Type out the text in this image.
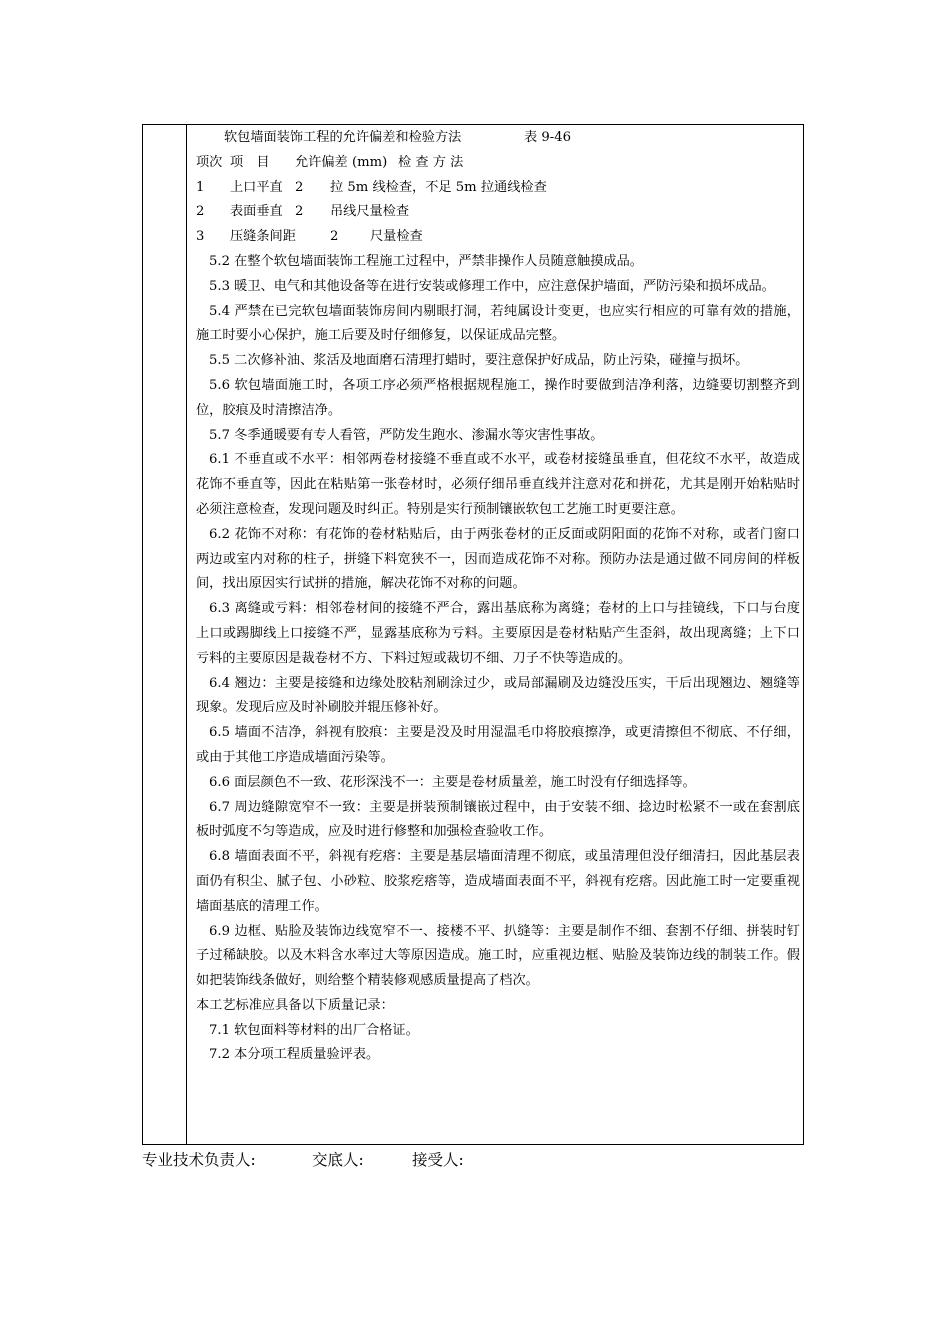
软包墙面装饰工程的允许偏差和检验方法	表 9-46
项次 项　目 允许偏差 (mm) 检 查 方 法
1 上口平直 2 拉 5m 线检查，不足 5m 拉通线检查
2 表面垂直 2 吊线尺量检查
3 压缝条间距	2 尺量检查

5.2 在整个软包墙面装饰工程施工过程中，严禁非操作人员随意触摸成品。

5.3 暖卫、电气和其他设备等在进行安装或修理工作中，应注意保护墙面，严防污染和损坏成品。

5.4 严禁在已完软包墙面装饰房间内剔眼打洞，若纯属设计变更，也应实行相应的可靠有效的措施，施工时要小心保护，施工后要及时仔细修复，以保证成品完整。

5.5 二次修补油、浆活及地面磨石清理打蜡时，要注意保护好成品，防止污染，碰撞与损坏。

5.6 软包墙面施工时，各项工序必须严格根据规程施工，操作时要做到洁净利落，边缝要切割整齐到位，胶痕及时清擦洁净。

5.7 冬季通暖要有专人看管，严防发生跑水、渗漏水等灾害性事故。

6.1 不垂直或不水平：相邻两卷材接缝不垂直或不水平，或卷材接缝虽垂直，但花纹不水平，故造成花饰不垂直等，因此在粘贴第一张卷材时，必须仔细吊垂直线并注意对花和拼花，尤其是刚开始粘贴时必须注意检查，发现问题及时纠正。特别是实行预制镶嵌软包工艺施工时更要注意。

6.2 花饰不对称：有花饰的卷材粘贴后，由于两张卷材的正反面或阴阳面的花饰不对称，或者门窗口两边或室内对称的柱子，拼缝下料宽狭不一，因而造成花饰不对称。预防办法是通过做不同房间的样板间，找出原因实行试拼的措施，解决花饰不对称的问题。

6.3 离缝或亏料：相邻卷材间的接缝不严合，露出基底称为离缝；卷材的上口与挂镜线，下口与台度上口或踢脚线上口接缝不严，显露基底称为亏料。主要原因是卷材粘贴产生歪斜，故出现离缝；上下口亏料的主要原因是裁卷材不方、下料过短或裁切不细、刀子不快等造成的。

6.4 翘边：主要是接缝和边缘处胶粘剂刷涂过少，或局部漏刷及边缝没压实，干后出现翘边、翘缝等现象。发现后应及时补刷胶并辊压修补好。

6.5 墙面不洁净，斜视有胶痕：主要是没及时用湿温毛巾将胶痕擦净，或更清擦但不彻底、不仔细，或由于其他工序造成墙面污染等。

6.6 面层颜色不一致、花形深浅不一：主要是卷材质量差，施工时没有仔细选择等。

6.7 周边缝隙宽窄不一致：主要是拼装预制镶嵌过程中，由于安装不细、捻边时松紧不一或在套割底板时弧度不匀等造成，应及时进行修整和加强检查验收工作。

6.8 墙面表面不平，斜视有疙瘩：主要是基层墙面清理不彻底，或虽清理但没仔细清扫，因此基层表面仍有积尘、腻子包、小砂粒、胶浆疙瘩等，造成墙面表面不平，斜视有疙瘩。因此施工时一定要重视墙面基底的清理工作。

6.9 边框、贴脸及装饰边线宽窄不一、接楼不平、扒缝等：主要是制作不细、套割不仔细、拼装时钉子过稀缺胶。以及木料含水率过大等原因造成。施工时，应重视边框、贴脸及装饰边线的制装工作。假如把装饰线条做好，则给整个精装修观感质量提高了档次。

本工艺标准应具备以下质量记录：

7.1 软包面料等材料的出厂合格证。

7.2 本分项工程质量验评表。

专业技术负责人:	交底人:	接受人:
